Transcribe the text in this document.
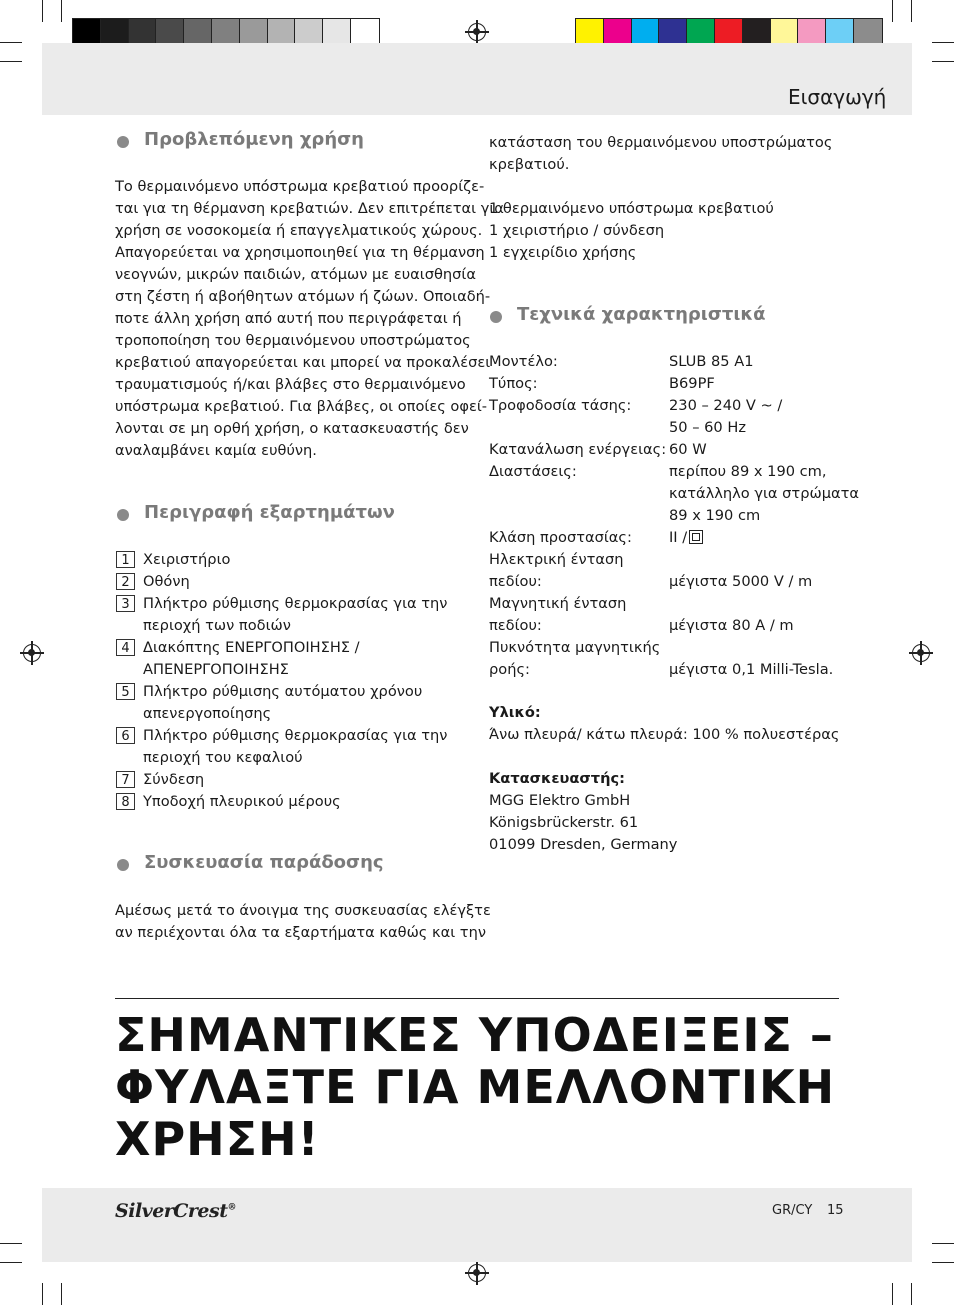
Εισαγωγή
Προβλεπόμενη χρήση
Το θερμαινόμενο υπόστρωμα κρεβατιού προορίζε-
ται για τη θέρμανση κρεβατιών. Δεν επιτρέπεται για
χρήση σε νοσοκομεία ή επαγγελματικούς χώρους.
Απαγορεύεται να χρησιμοποιηθεί για τη θέρμανση
νεογνών, μικρών παιδιών, ατόμων με ευαισθησία
στη ζέστη ή αβοήθητων ατόμων ή ζώων. Οποιαδή-
ποτε άλλη χρήση από αυτή που περιγράφεται ή
τροποποίηση του θερμαινόμενου υποστρώματος
κρεβατιού απαγορεύεται και μπορεί να προκαλέσει
τραυματισμούς ή/και βλάβες στο θερμαινόμενο
υπόστρωμα κρεβατιού. Για βλάβες, οι οποίες οφεί-
λονται σε μη ορθή χρήση, ο κατασκευαστής δεν
αναλαμβάνει καμία ευθύνη.
Περιγραφή εξαρτημάτων
1 Χειριστήριο
2 Οθόνη
3 Πλήκτρο ρύθμισης θερμοκρασίας για την
περιοχή των ποδιών
4 Διακόπτης ΕΝΕΡΓΟΠΟΙΗΣΗΣ /
ΑΠΕΝΕΡΓΟΠΟΙΗΣΗΣ
5 Πλήκτρο ρύθμισης αυτόματου χρόνου
απενεργοποίησης
6 Πλήκτρο ρύθμισης θερμοκρασίας για την
περιοχή του κεφαλιού
7 Σύνδεση
8 Υποδοχή πλευρικού μέρους
Συσκευασία παράδοσης
Αμέσως μετά το άνοιγμα της συσκευασίας ελέγξτε
αν περιέχονται όλα τα εξαρτήματα καθώς και την
κατάσταση του θερμαινόμενου υποστρώματος
κρεβατιού.
1 θερμαινόμενο υπόστρωμα κρεβατιού
1 χειριστήριο / σύνδεση
1 εγχειρίδιο χρήσης
Τεχνικά χαρακτηριστικά
Μοντέλο:	SLUB 85 A1
Τύπος:	B69PF
Τροφοδοσία τάσης:	230 – 240 V ~ /
50 – 60 Hz
Κατανάλωση ενέργειας: 60 W
Διαστάσεις:	περίπου 89 x 190 cm,
κατάλληλο για στρώματα
89 x 190 cm
Κλάση προστασίας:	II /
Ηλεκτρική ένταση
πεδίου:	μέγιστα 5000 V / m
Μαγνητική ένταση
πεδίου:	μέγιστα 80 A / m
Πυκνότητα μαγνητικής
ροής:	μέγιστα 0,1 Milli-Tesla.
Υλικό:
Άνω πλευρά/ κάτω πλευρά: 100 % πολυεστέρας
Κατασκευαστής:
MGG Elektro GmbH
Königsbrückerstr. 61
01099 Dresden, Germany
ΣΗΜΑΝΤΙΚΕΣ ΥΠΟΔΕΙΞΕΙΣ –
ΦΥΛΑΞΤΕ ΓΙΑ ΜΕΛΛΟΝΤΙΚΗ
ΧΡΗΣΗ!
SilverCrest®	GR/CY 15
